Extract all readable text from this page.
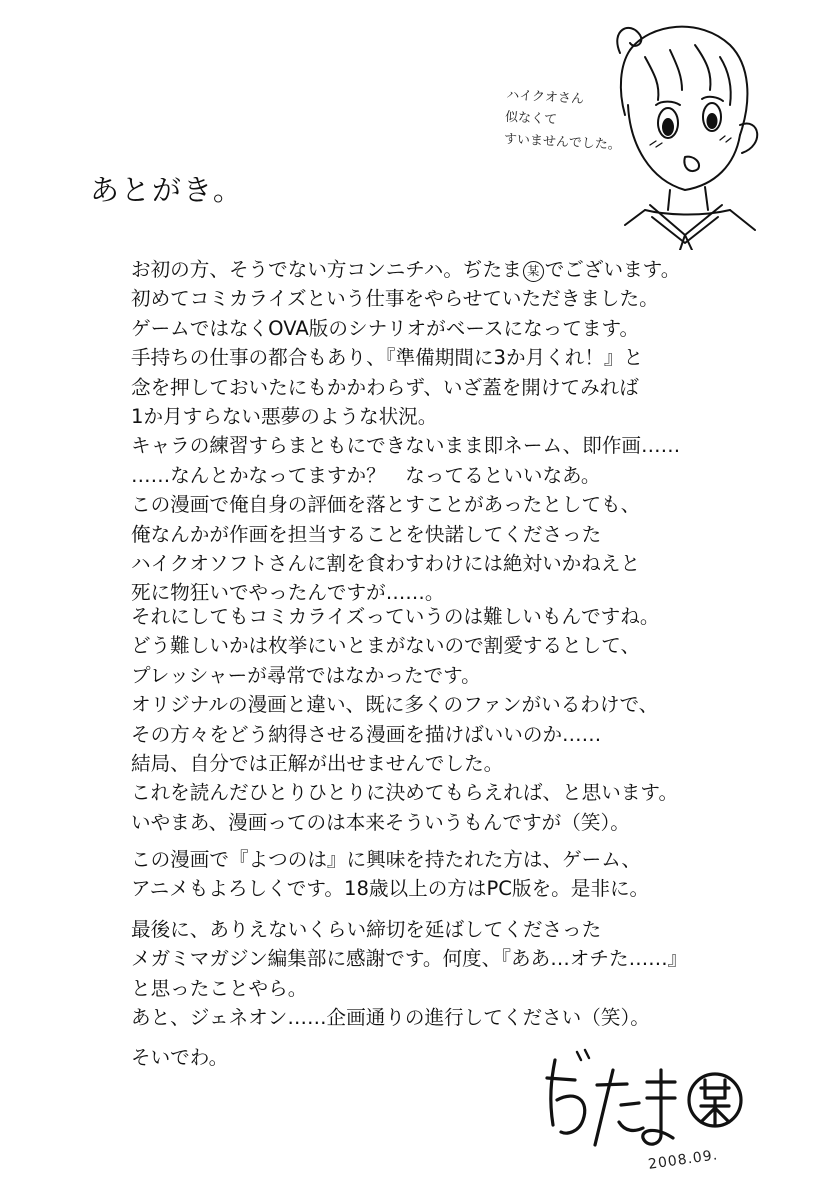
ハイクオさん
似なくて
すいませんでした。
あとがき。
お初の方、そうでない方コンニチハ。ぢたま 某 でございます。
初めてコミカライズという仕事をやらせていただきました。
ゲームではなくOVA版のシナリオがベースになってます。
手持ちの仕事の都合もあり、『準備期間に3か月くれ！』と
念を押しておいたにもかかわらず、いざ蓋を開けてみれば
1か月すらない悪夢のような状況。
キャラの練習すらまともにできないまま即ネーム、即作画……
……なんとかなってますか？　なってるといいなあ。
この漫画で俺自身の評価を落とすことがあったとしても、
俺なんかが作画を担当することを快諾してくださった
ハイクオソフトさんに割を食わすわけには絶対いかねえと
死に物狂いでやったんですが……。
それにしてもコミカライズっていうのは難しいもんですね。
どう難しいかは枚挙にいとまがないので割愛するとして、
プレッシャーが尋常ではなかったです。
オリジナルの漫画と違い、既に多くのファンがいるわけで、
その方々をどう納得させる漫画を描けばいいのか……
結局、自分では正解が出せませんでした。
これを読んだひとりひとりに決めてもらえれば、と思います。
いやまあ、漫画ってのは本来そういうもんですが（笑）。
この漫画で『よつのは』に興味を持たれた方は、ゲーム、
アニメもよろしくです。18歳以上の方はPC版を。是非に。
最後に、ありえないくらい締切を延ばしてくださった
メガミマガジン編集部に感謝です。何度、『ああ…オチた……』
と思ったことやら。
あと、ジェネオン……企画通りの進行してください（笑）。
そいでわ。
2008.09.
